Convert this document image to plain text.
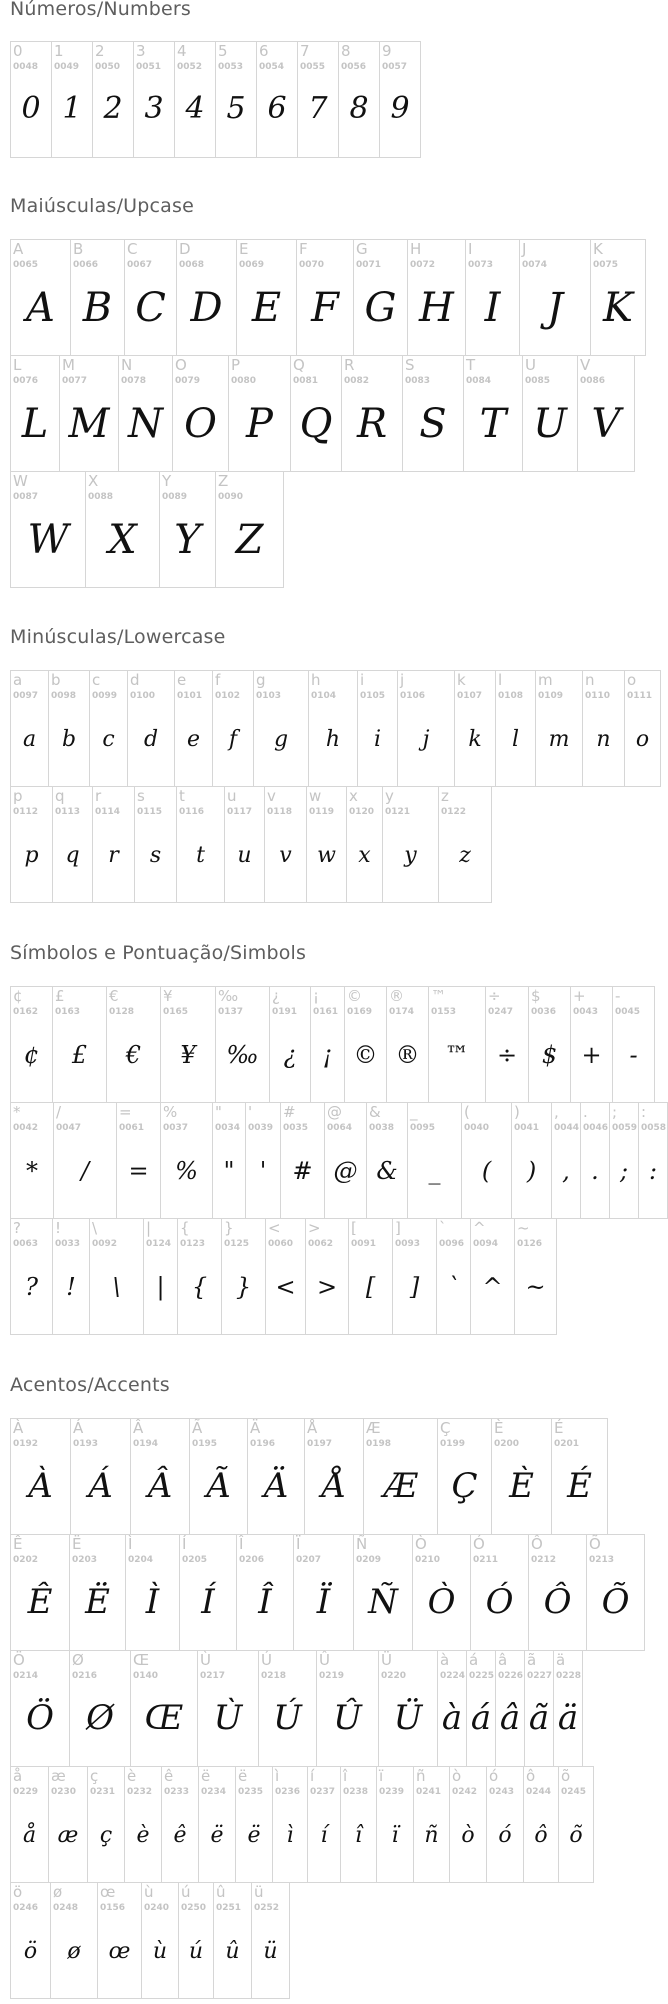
Números/Numbers
Maiúsculas/Upcase
Minúsculas/Lowercase
Símbolos e Pontuação/Simbols
Acentos/Accents
0
0048
0
1
0049
1
2
0050
2
3
0051
3
4
0052
4
5
0053
5
6
0054
6
7
0055
7
8
0056
8
9
0057
9
A
0065
A
B
0066
B
C
0067
C
D
0068
D
E
0069
E
F
0070
F
G
0071
G
H
0072
H
I
0073
I
J
0074
J
K
0075
K
L
0076
L
M
0077
M
N
0078
N
O
0079
O
P
0080
P
Q
0081
Q
R
0082
R
S
0083
S
T
0084
T
U
0085
U
V
0086
V
W
0087
W
X
0088
X
Y
0089
Y
Z
0090
Z
a
0097
a
b
0098
b
c
0099
c
d
0100
d
e
0101
e
f
0102
f
g
0103
g
h
0104
h
i
0105
i
j
0106
j
k
0107
k
l
0108
l
m
0109
m
n
0110
n
o
0111
o
p
0112
p
q
0113
q
r
0114
r
s
0115
s
t
0116
t
u
0117
u
v
0118
v
w
0119
w
x
0120
x
y
0121
y
z
0122
z
¢
0162
¢
£
0163
£
€
0128
€
¥
0165
¥
‰
0137
‰
¿
0191
¿
¡
0161
¡
©
0169
©
®
0174
®
™
0153
™
÷
0247
÷
$
0036
$
+
0043
+
-
0045
-
*
0042
*
/
0047
/
=
0061
=
%
0037
%
"
0034
"
'
0039
'
#
0035
#
@
0064
@
&
0038
&
_
0095
_
(
0040
(
)
0041
)
,
0044
,
.
0046
.
;
0059
;
:
0058
:
?
0063
?
!
0033
!
\
0092
\
|
0124
|
{
0123
{
}
0125
}
<
0060
<
>
0062
>
[
0091
[
]
0093
]
`
0096
`
^
0094
^
~
0126
~
À
0192
À
Á
0193
Á
Â
0194
Â
Ã
0195
Ã
Ä
0196
Ä
Å
0197
Å
Æ
0198
Æ
Ç
0199
Ç
È
0200
È
É
0201
É
Ê
0202
Ê
Ë
0203
Ë
Ì
0204
Ì
Í
0205
Í
Î
0206
Î
Ï
0207
Ï
Ñ
0209
Ñ
Ò
0210
Ò
Ó
0211
Ó
Ô
0212
Ô
Õ
0213
Õ
Ö
0214
Ö
Ø
0216
Ø
Œ
0140
Œ
Ù
0217
Ù
Ú
0218
Ú
Û
0219
Û
Ü
0220
Ü
à
0224
à
á
0225
á
â
0226
â
ã
0227
ã
ä
0228
ä
å
0229
å
æ
0230
æ
ç
0231
ç
è
0232
è
ê
0233
ê
ë
0234
ë
ë
0235
ë
ì
0236
ì
í
0237
í
î
0238
î
ï
0239
ï
ñ
0241
ñ
ò
0242
ò
ó
0243
ó
ô
0244
ô
õ
0245
õ
ö
0246
ö
ø
0248
ø
œ
0156
œ
ù
0240
ù
ú
0250
ú
û
0251
û
ü
0252
ü
